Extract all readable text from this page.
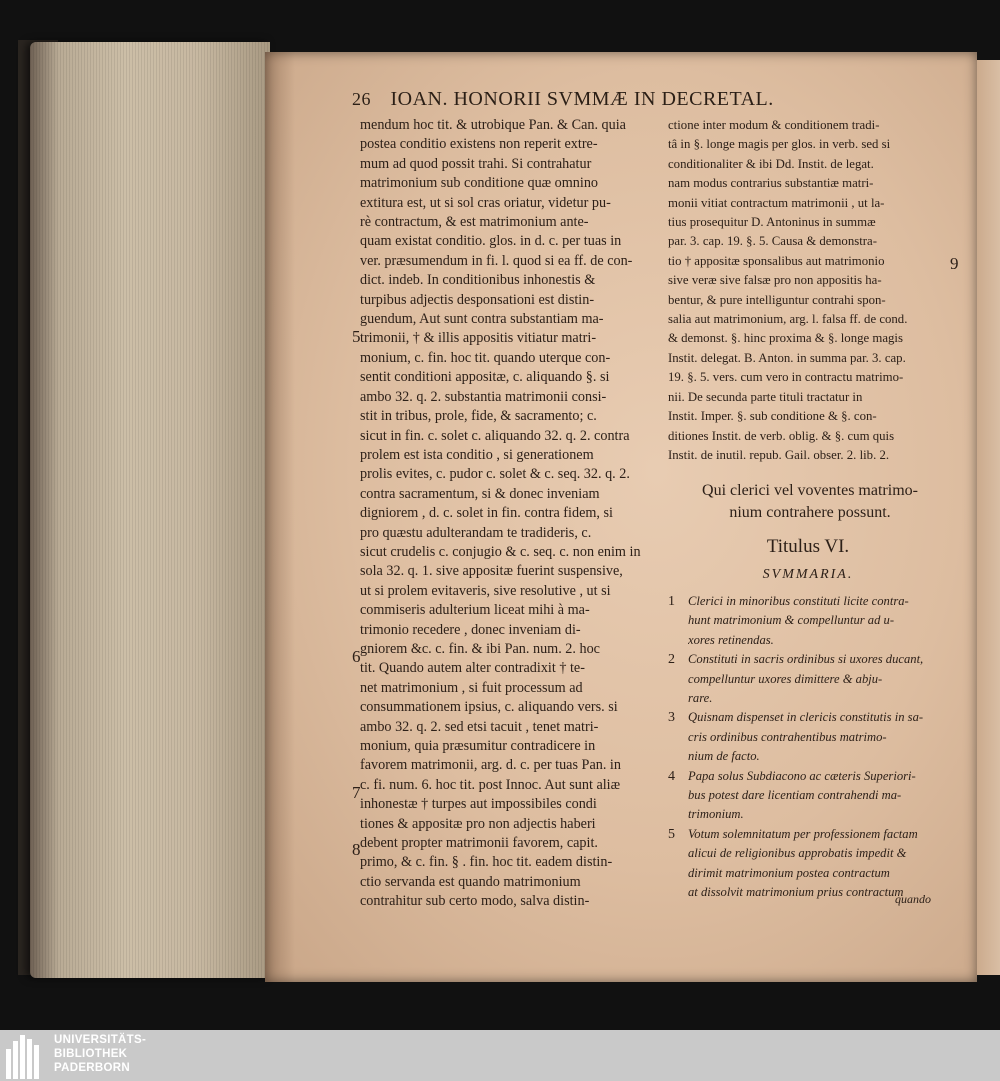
26 IOAN. HONORII SVMMÆ IN DECRETAL.
mendum hoc tit. & utrobique Pan. & Can. quia
postea conditio existens non reperit extre-
mum ad quod possit trahi. Si contrahatur
matrimonium sub conditione quæ omnino
extitura est, ut si sol cras oriatur, videtur pu-
rè contractum, & est matrimonium ante-
quam existat conditio. glos. in d. c. per tuas in
ver. præsumendum in fi. l. quod si ea ff. de con-
dict. indeb. In conditionibus inhonestis &
turpibus adjectis desponsationi est distin-
guendum, Aut sunt contra substantiam ma-
trimonii, † & illis appositis vitiatur matri-
monium, c. fin. hoc tit. quando uterque con-
sentit conditioni appositæ, c. aliquando §. si
ambo 32. q. 2. substantia matrimonii consi-
stit in tribus, prole, fide, & sacramento; c.
sicut in fin. c. solet c. aliquando 32. q. 2. contra
prolem est ista conditio , si generationem
prolis evites, c. pudor c. solet & c. seq. 32. q. 2.
contra sacramentum, si & donec inveniam
digniorem , d. c. solet in fin. contra fidem, si
pro quæstu adulterandam te tradideris, c.
sicut crudelis c. conjugio & c. seq. c. non enim in
sola 32. q. 1. sive appositæ fuerint suspensive,
ut si prolem evitaveris, sive resolutive , ut si
commiseris adulterium liceat mihi à ma-
trimonio recedere , donec inveniam di-
gniorem &c. c. fin. & ibi Pan. num. 2. hoc
tit. Quando autem alter contradixit † te-
net matrimonium , si fuit processum ad
consummationem ipsius, c. aliquando vers. si
ambo 32. q. 2. sed etsi tacuit , tenet matri-
monium, quia præsumitur contradicere in
favorem matrimonii, arg. d. c. per tuas Pan. in
c. fi. num. 6. hoc tit. post Innoc. Aut sunt aliæ
inhonestæ † turpes aut impossibiles condi
tiones & appositæ pro non adjectis haberi
debent propter matrimonii favorem, capit.
primo, & c. fin. § . fin. hoc tit. eadem distin-
ctio servanda est quando matrimonium
contrahitur sub certo modo, salva distin-
ctione inter modum & conditionem tradi-
tâ in §. longe magis per glos. in verb. sed si
conditionaliter & ibi Dd. Instit. de legat.
nam modus contrarius substantiæ matri-
monii vitiat contractum matrimonii , ut la-
tius prosequitur D. Antoninus in summæ
par. 3. cap. 19. §. 5. Causa & demonstra-
tio † appositæ sponsalibus aut matrimonio
sive veræ sive falsæ pro non appositis ha-
bentur, & pure intelliguntur contrahi spon-
salia aut matrimonium, arg. l. falsa ff. de cond.
& demonst. §. hinc proxima & §. longe magis
Instit. delegat. B. Anton. in summa par. 3. cap.
19. §. 5. vers. cum vero in contractu matrimo-
nii. De secunda parte tituli tractatur in
Instit. Imper. §. sub conditione & §. con-
ditiones Instit. de verb. oblig. & §. cum quis
Instit. de inutil. repub. Gail. obser. 2. lib. 2.
5
6
7
8
9
Qui clerici vel voventes matrimo-
nium contrahere possunt.
Titulus VI.
SVMMARIA.
1 Clerici in minoribus constituti licite contra-
hunt matrimonium & compelluntur ad u-
xores retinendas.
2 Constituti in sacris ordinibus si uxores ducant,
compelluntur uxores dimittere & abju-
rare.
3 Quisnam dispenset in clericis constitutis in sa-
cris ordinibus contrahentibus matrimo-
nium de facto.
4 Papa solus Subdiacono ac cæteris Superiori-
bus potest dare licentiam contrahendi ma-
trimonium.
5 Votum solemnitatum per professionem factam
alicui de religionibus approbatis impedit &
dirimit matrimonium postea contractum
at dissolvit matrimonium prius contractum
quando
UNIVERSITÄTS-
BIBLIOTHEK
PADERBORN
